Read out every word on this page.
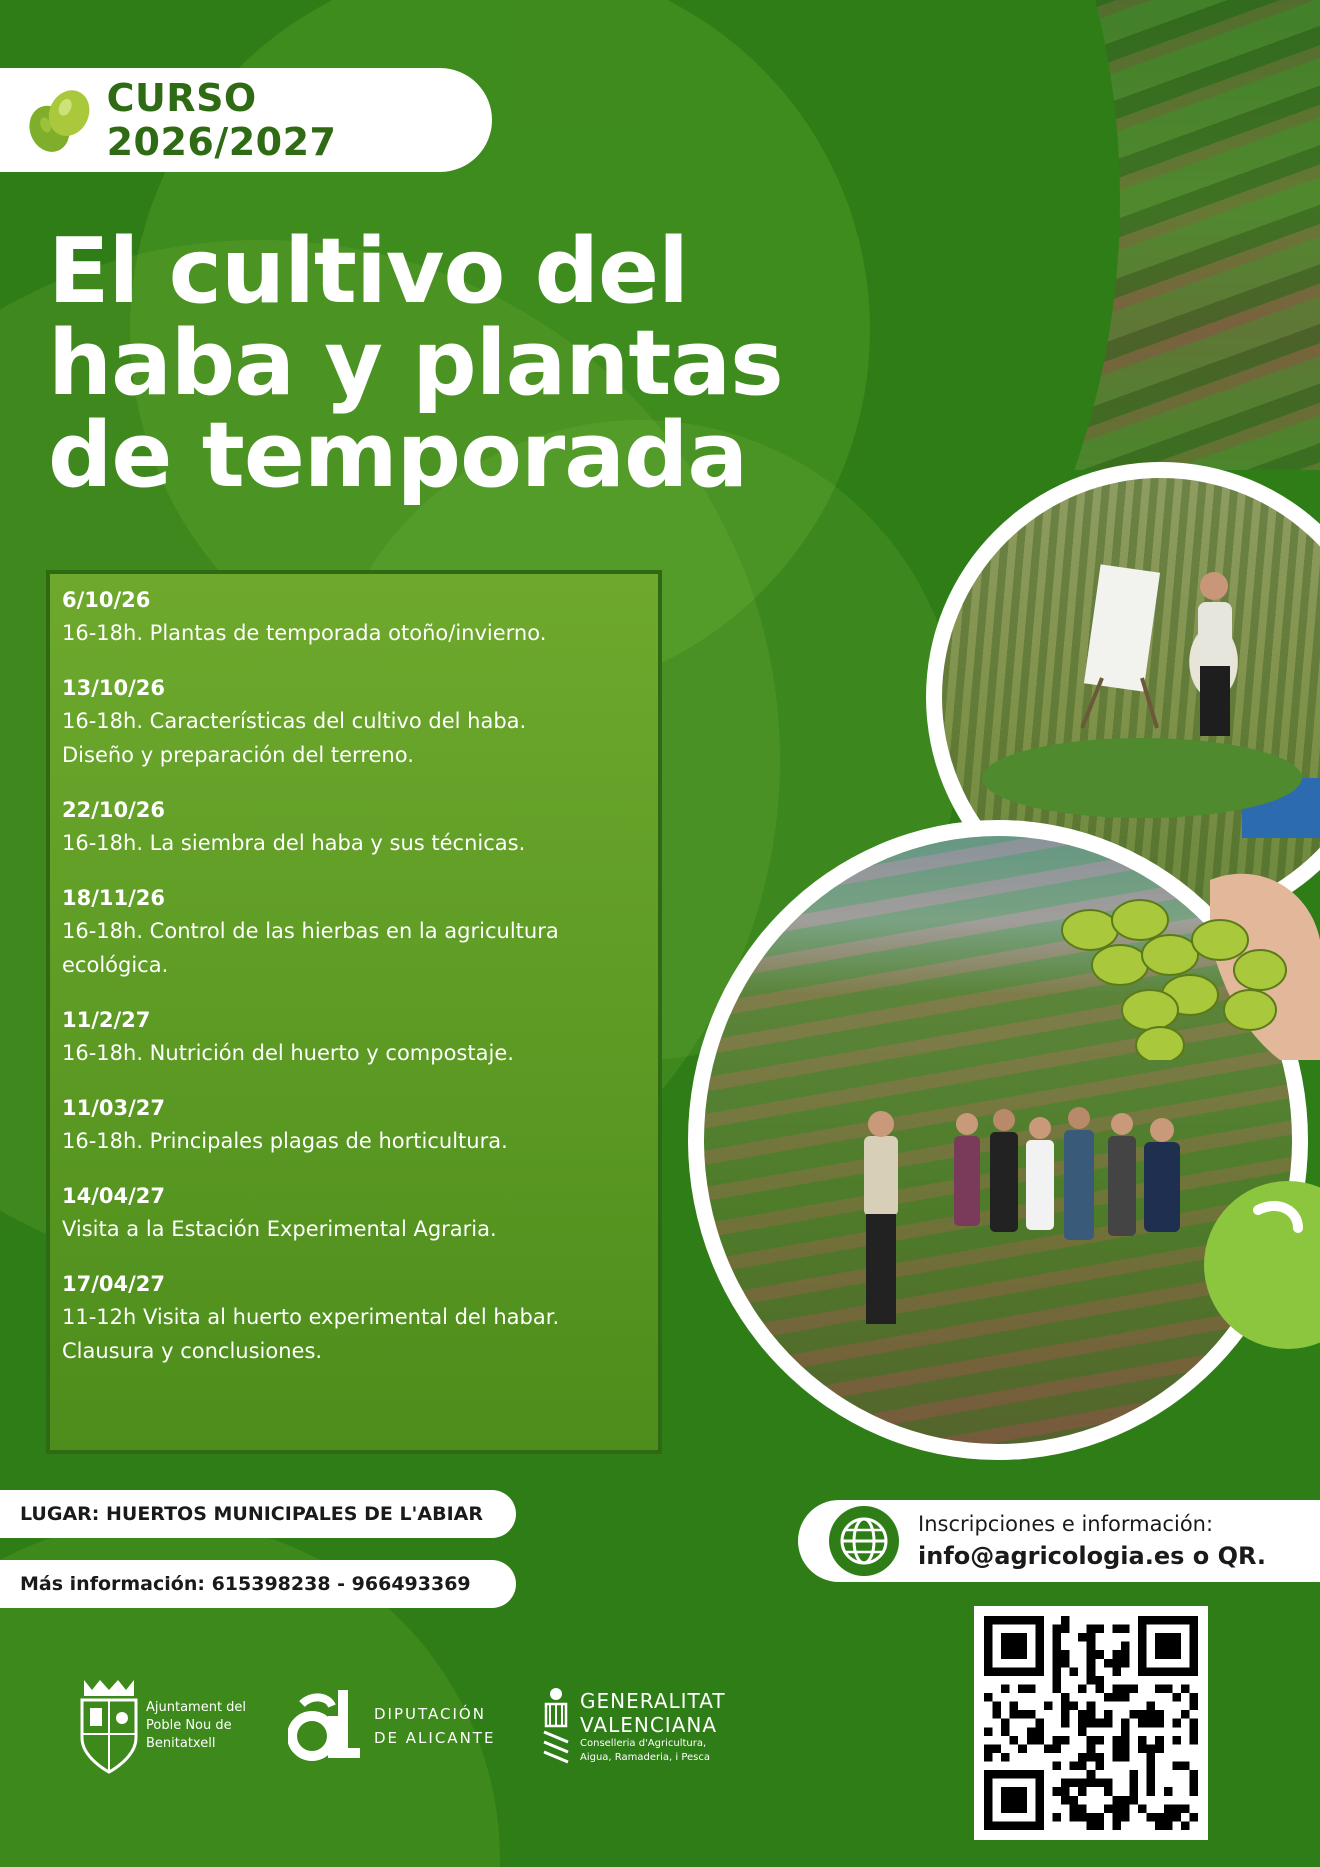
CURSO 2026/2027
El cultivo del
haba y plantas
de temporada
6/10/26
16-18h. Plantas de temporada otoño/invierno.
13/10/26
16-18h. Características del cultivo del haba.
Diseño y preparación del terreno.
22/10/26
16-18h. La siembra del haba y sus técnicas.
18/11/26
16-18h. Control de las hierbas en la agricultura
ecológica.
11/2/27
16-18h. Nutrición del huerto y compostaje.
11/03/27
16-18h. Principales plagas de horticultura.
14/04/27
Visita a la Estación Experimental Agraria.
17/04/27
11-12h Visita al huerto experimental del habar.
Clausura y conclusiones.
LUGAR: HUERTOS MUNICIPALES DE L'ABIAR
Más información: 615398238 - 966493369
Inscripciones e información:
info@agricologia.es o QR.
Ajuntament del
Poble Nou de
Benitatxell
DIPUTACIÓN
DE ALICANTE
GENERALITAT
VALENCIANA
Conselleria d'Agricultura,
Aigua, Ramaderia, i Pesca
